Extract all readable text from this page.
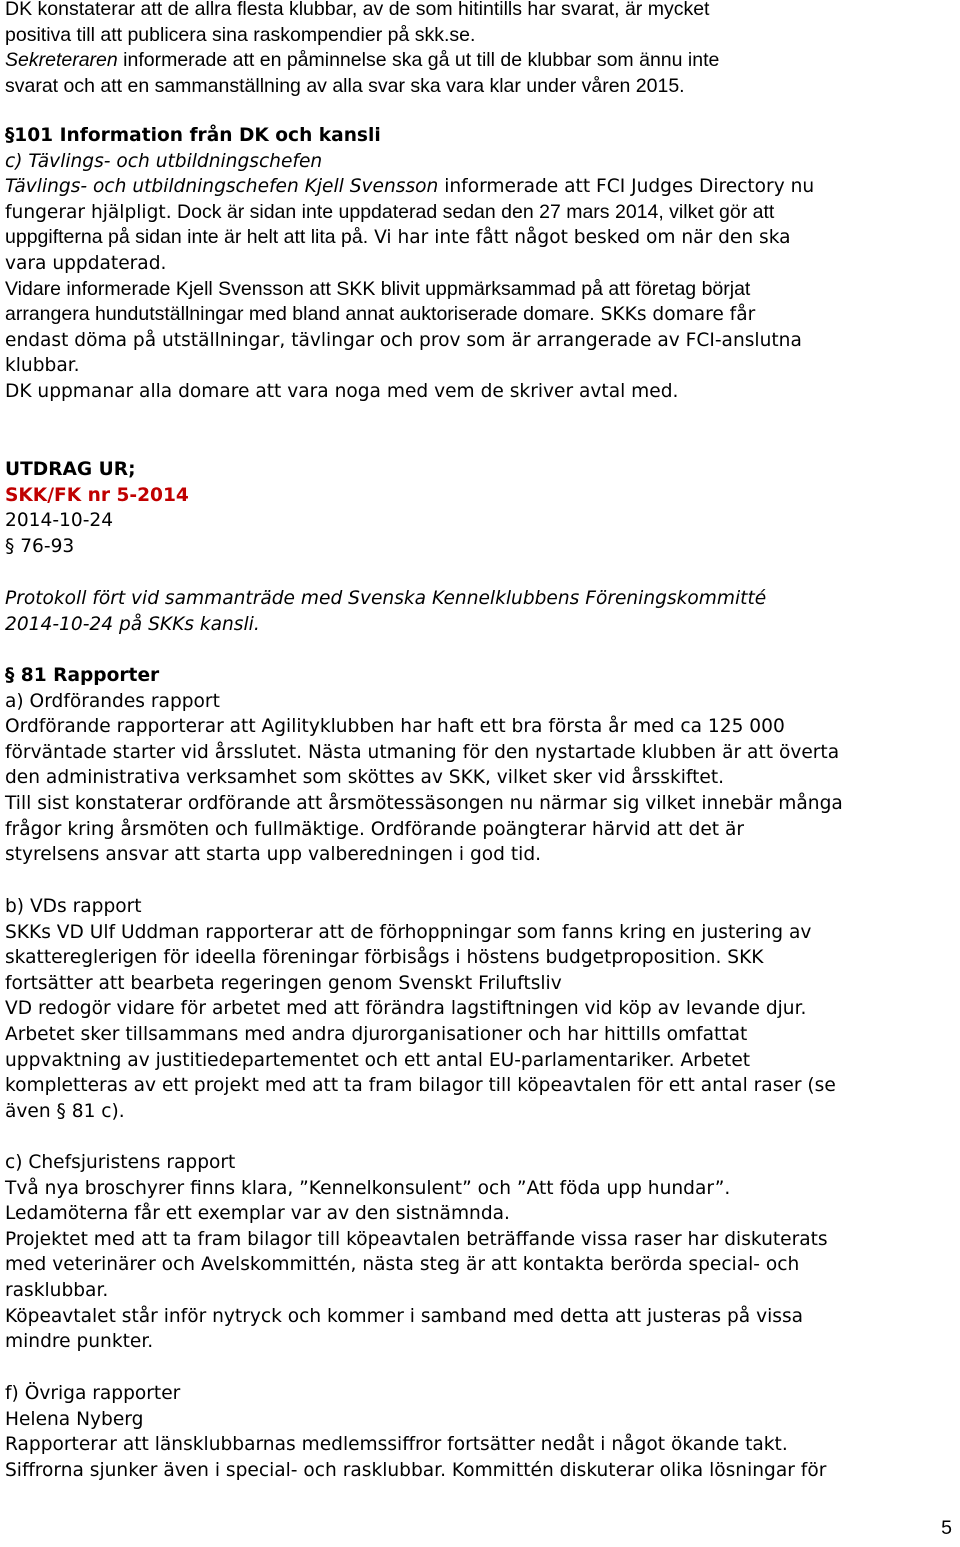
DK konstaterar att de allra flesta klubbar, av de som hitintills har svarat, är mycket
positiva till att publicera sina raskompendier på skk.se.
Sekreteraren informerade att en påminnelse ska gå ut till de klubbar som ännu inte
svarat och att en sammanställning av alla svar ska vara klar under våren 2015.
§101 Information från DK och kansli
c) Tävlings- och utbildningschefen
Tävlings- och utbildningschefen Kjell Svensson informerade att FCI Judges Directory nu
fungerar hjälpligt. Dock är sidan inte uppdaterad sedan den 27 mars 2014, vilket gör att
uppgifterna på sidan inte är helt att lita på. Vi har inte fått något besked om när den ska
vara uppdaterad.
Vidare informerade Kjell Svensson att SKK blivit uppmärksammad på att företag börjat
arrangera hundutställningar med bland annat auktoriserade domare. SKKs domare får
endast döma på utställningar, tävlingar och prov som är arrangerade av FCI-anslutna
klubbar.
DK uppmanar alla domare att vara noga med vem de skriver avtal med.
UTDRAG UR;
SKK/FK nr 5-2014
2014-10-24
§ 76-93
Protokoll fört vid sammanträde med Svenska Kennelklubbens Föreningskommitté
2014-10-24 på SKKs kansli.
§ 81 Rapporter
a) Ordförandes rapport
Ordförande rapporterar att Agilityklubben har haft ett bra första år med ca 125 000
förväntade starter vid årsslutet. Nästa utmaning för den nystartade klubben är att överta
den administrativa verksamhet som sköttes av SKK, vilket sker vid årsskiftet.
Till sist konstaterar ordförande att årsmötessäsongen nu närmar sig vilket innebär många
frågor kring årsmöten och fullmäktige. Ordförande poängterar härvid att det är
styrelsens ansvar att starta upp valberedningen i god tid.
b) VDs rapport
SKKs VD Ulf Uddman rapporterar att de förhoppningar som fanns kring en justering av
skattereglerigen för ideella föreningar förbisågs i höstens budgetproposition. SKK
fortsätter att bearbeta regeringen genom Svenskt Friluftsliv
VD redogör vidare för arbetet med att förändra lagstiftningen vid köp av levande djur.
Arbetet sker tillsammans med andra djurorganisationer och har hittills omfattat
uppvaktning av justitiedepartementet och ett antal EU-parlamentariker. Arbetet
kompletteras av ett projekt med att ta fram bilagor till köpeavtalen för ett antal raser (se
även § 81 c).
c) Chefsjuristens rapport
Två nya broschyrer finns klara, ”Kennelkonsulent” och ”Att föda upp hundar”.
Ledamöterna får ett exemplar var av den sistnämnda.
Projektet med att ta fram bilagor till köpeavtalen beträffande vissa raser har diskuterats
med veterinärer och Avelskommittén, nästa steg är att kontakta berörda special- och
rasklubbar.
Köpeavtalet står inför nytryck och kommer i samband med detta att justeras på vissa
mindre punkter.
f) Övriga rapporter
Helena Nyberg
Rapporterar att länsklubbarnas medlemssiffror fortsätter nedåt i något ökande takt.
Siffrorna sjunker även i special- och rasklubbar. Kommittén diskuterar olika lösningar för
5
